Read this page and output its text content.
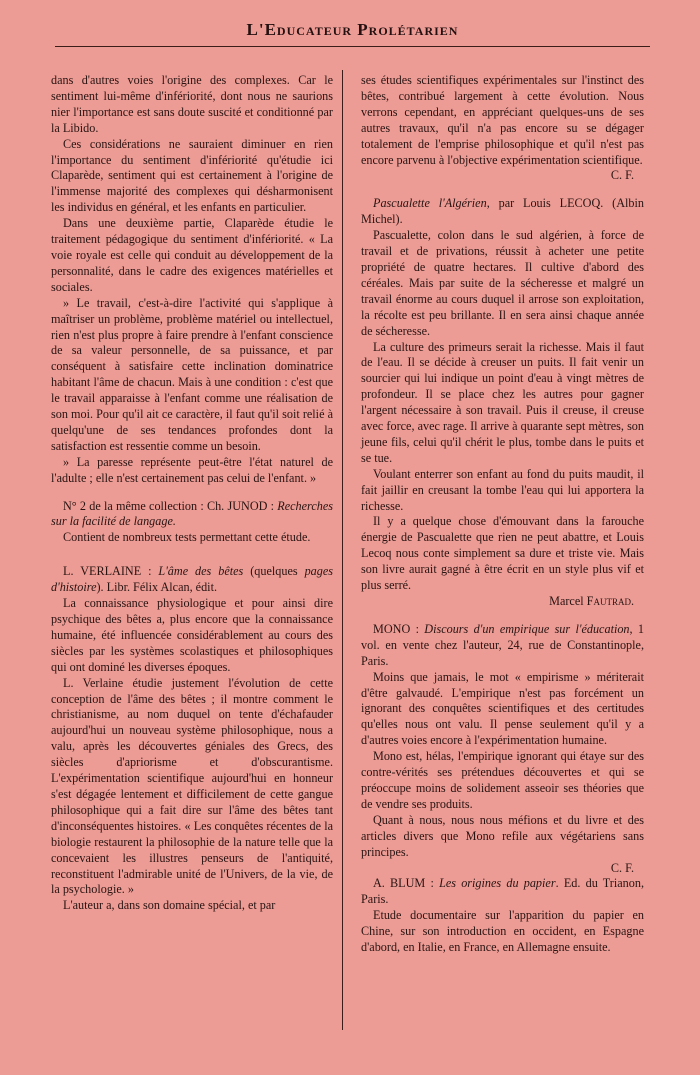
L'Educateur Prolétarien

dans d'autres voies l'origine des complexes. Car le sentiment lui-même d'infériorité, dont nous ne saurions nier l'importance est sans doute suscité et conditionné par la Libido.

Ces considérations ne sauraient diminuer en rien l'importance du sentiment d'infériorité qu'étudie ici Claparède, sentiment qui est certainement à l'origine de l'immense majorité des complexes qui désharmonisent les individus en général, et les enfants en particulier.

Dans une deuxième partie, Claparède étudie le traitement pédagogique du sentiment d'infériorité. « La voie royale est celle qui conduit au développement de la personnalité, dans le cadre des exigences matérielles et sociales.

» Le travail, c'est-à-dire l'activité qui s'applique à maîtriser un problème, problème matériel ou intellectuel, rien n'est plus propre à faire prendre à l'enfant conscience de sa valeur personnelle, de sa puissance, et par conséquent à satisfaire cette inclination dominatrice habitant l'âme de chacun. Mais à une condition : c'est que le travail apparaisse à l'enfant comme une réalisation de son moi. Pour qu'il ait ce caractère, il faut qu'il soit relié à quelqu'une de ses tendances profondes dont la satisfaction est ressentie comme un besoin.

» La paresse représente peut-être l'état naturel de l'adulte ; elle n'est certainement pas celui de l'enfant. »

N° 2 de la même collection : Ch. JUNOD : Recherches sur la facilité de langage.

Contient de nombreux tests permettant cette étude.

L. VERLAINE : L'âme des bêtes (quelques pages d'histoire). Libr. Félix Alcan, édit.

La connaissance physiologique et pour ainsi dire psychique des bêtes a, plus encore que la connaissance humaine, été influencée considérablement au cours des siècles par les systèmes scolastiques et philosophiques qui ont dominé les diverses époques.

L. Verlaine étudie justement l'évolution de cette conception de l'âme des bêtes ; il montre comment le christianisme, au nom duquel on tente d'échafauder aujourd'hui un nouveau système philosophique, nous a valu, après les découvertes géniales des Grecs, des siècles d'apriorisme et d'obscurantisme. L'expérimentation scientifique aujourd'hui en honneur s'est dégagée lentement et difficilement de cette gangue philosophique qui a fait dire sur l'âme des bêtes tant d'inconséquentes histoires. « Les conquêtes récentes de la biologie restaurent la philosophie de la nature telle que la concevaient les illustres penseurs de l'antiquité, reconstituent l'admirable unité de l'Univers, de la vie, de la psychologie. »

L'auteur a, dans son domaine spécial, et par

ses études scientifiques expérimentales sur l'instinct des bêtes, contribué largement à cette évolution. Nous verrons cependant, en appréciant quelques-uns de ses autres travaux, qu'il n'a pas encore su se dégager totalement de l'emprise philosophique et qu'il n'est pas encore parvenu à l'objective expérimentation scientifique.

C. F.

Pascualette l'Algérien, par Louis LECOQ. (Albin Michel).

Pascualette, colon dans le sud algérien, à force de travail et de privations, réussit à acheter une petite propriété de quatre hectares. Il cultive d'abord des céréales. Mais par suite de la sécheresse et malgré un travail énorme au cours duquel il arrose son exploitation, la récolte est peu brillante. Il en sera ainsi chaque année de sécheresse.

La culture des primeurs serait la richesse. Mais il faut de l'eau. Il se décide à creuser un puits. Il fait venir un sourcier qui lui indique un point d'eau à vingt mètres de profondeur. Il se place chez les autres pour gagner l'argent nécessaire à son travail. Puis il creuse, il creuse avec force, avec rage. Il arrive à quarante sept mètres, son jeune fils, celui qu'il chérit le plus, tombe dans le puits et se tue.

Voulant enterrer son enfant au fond du puits maudit, il fait jaillir en creusant la tombe l'eau qui lui apportera la richesse.

Il y a quelque chose d'émouvant dans la farouche énergie de Pascualette que rien ne peut abattre, et Louis Lecoq nous conte simplement sa dure et triste vie. Mais son livre aurait gagné à être écrit en un style plus vif et plus serré.

Marcel Fautrad.

MONO : Discours d'un empirique sur l'éducation, 1 vol. en vente chez l'auteur, 24, rue de Constantinople, Paris.

Moins que jamais, le mot « empirisme » mériterait d'être galvaudé. L'empirique n'est pas forcément un ignorant des conquêtes scientifiques et des certitudes qu'elles nous ont valu. Il pense seulement qu'il y a d'autres voies encore à l'expérimentation humaine.

Mono est, hélas, l'empirique ignorant qui étaye sur des contre-vérités ses prétendues découvertes et qui se préoccupe moins de solidement asseoir ses théories que de vendre ses produits.

Quant à nous, nous nous méfions et du livre et des articles divers que Mono refile aux végétariens sans principes.

C. F.

A. BLUM : Les origines du papier. Ed. du Trianon, Paris.

Etude documentaire sur l'apparition du papier en Chine, sur son introduction en occident, en Espagne d'abord, en Italie, en France, en Allemagne ensuite.
